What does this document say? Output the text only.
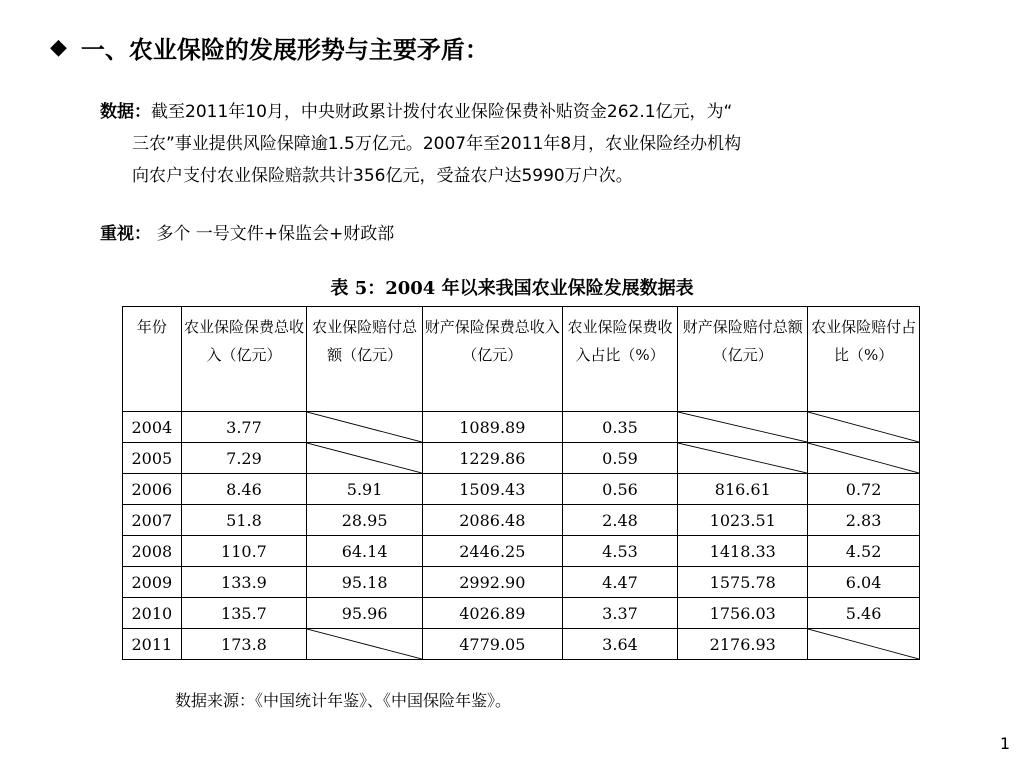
◆ 一、农业保险的发展形势与主要矛盾：
数据：截至2011年10月，中央财政累计拨付农业保险保费补贴资金262.1亿元，为“
三农”事业提供风险保障逾1.5万亿元。2007年至2011年8月，农业保险经办机构
向农户支付农业保险赔款共计356亿元，受益农户达5990万户次。
重视： 多个 一号文件+保监会+财政部
表 5：2004 年以来我国农业保险发展数据表
年份	农业保险保费总收入（亿元）	农业保险赔付总额（亿元）	财产保险保费总收入（亿元）	农业保险保费收入占比（%）	财产保险赔付总额（亿元）	农业保险赔付占比（%）
2004	3.77		1089.89	0.35	

2005	7.29		1229.86	0.59	

2006	8.46	5.91	1509.43	0.56	816.61	0.72
2007	51.8	28.95	2086.48	2.48	1023.51	2.83
2008	110.7	64.14	2446.25	4.53	1418.33	4.52
2009	133.9	95.18	2992.90	4.47	1575.78	6.04
2010	135.7	95.96	4026.89	3.37	1756.03	5.46
2011	173.8		4779.05	3.64	2176.93	
数据来源：《中国统计年鉴》、《中国保险年鉴》。
1
